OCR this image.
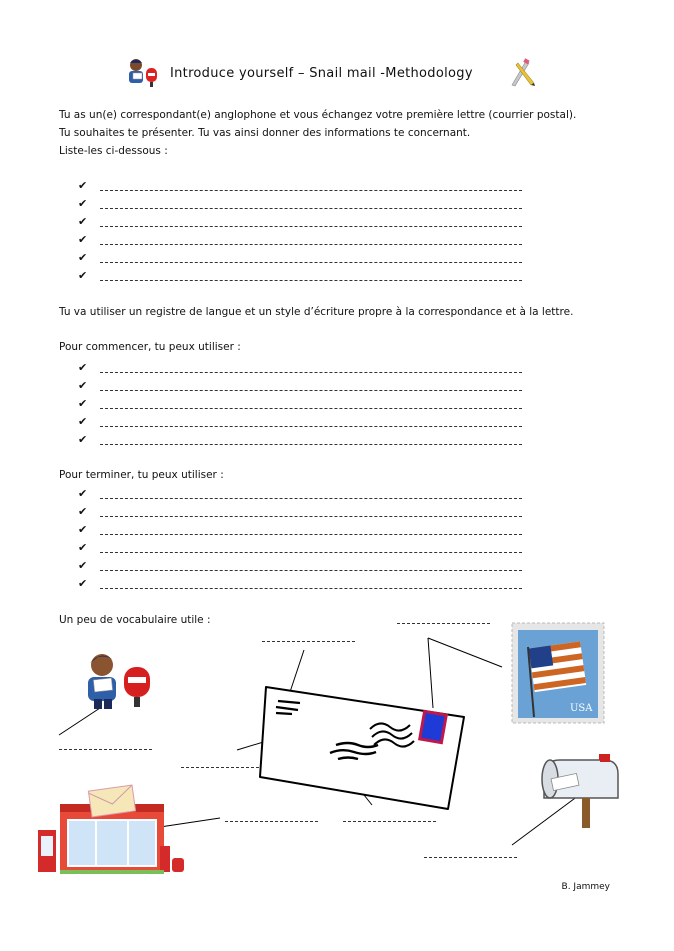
Introduce yourself – Snail mail -Methodology
Tu as un(e) correspondant(e) anglophone et vous échangez votre première lettre (courrier postal).
Tu souhaites te présenter. Tu vas ainsi donner des informations te concernant.
Liste-les ci-dessous :
✔
✔
✔
✔
✔
✔
Tu va utiliser un registre de langue et un style d’écriture propre à la correspondance et à la lettre.
Pour commencer, tu peux utiliser :
✔
✔
✔
✔
✔
Pour terminer, tu peux utiliser :
✔
✔
✔
✔
✔
✔
Un peu de vocabulaire utile :
USA
B. Jammey
